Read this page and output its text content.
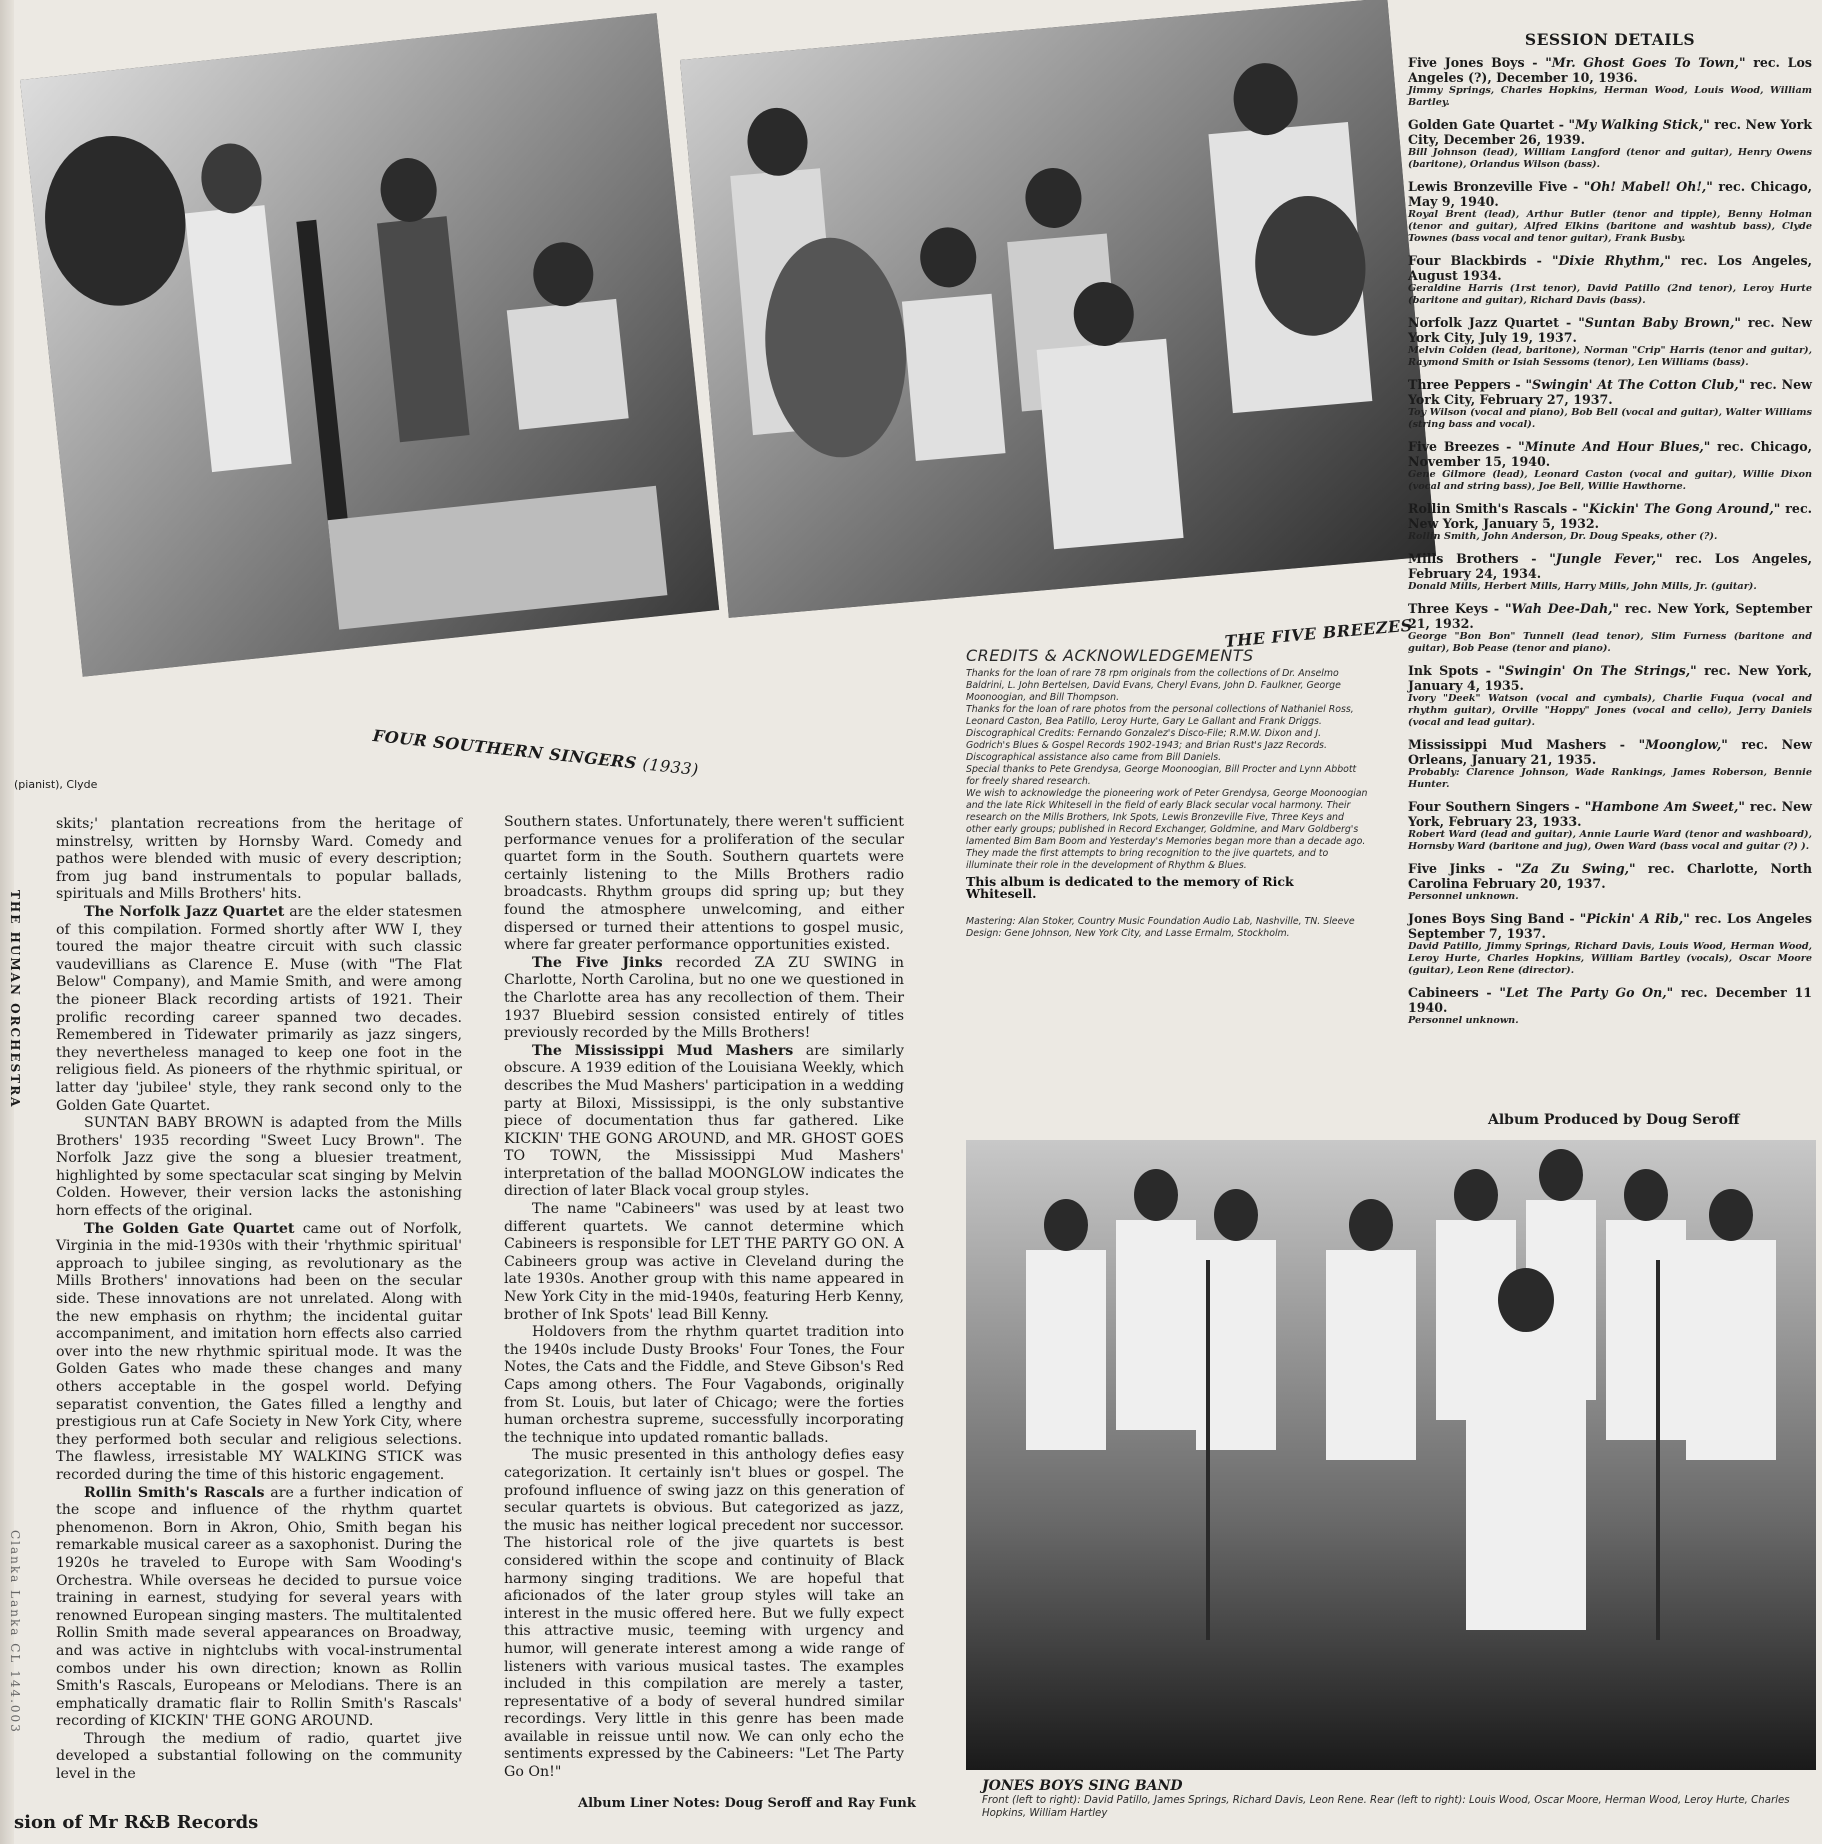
FOUR SOUTHERN SINGERS (1933)
(pianist), Clyde
THE FIVE BREEZES
THE HUMAN ORCHESTRA
Clanka Lanka CL 144.003

skits;' plantation recreations from the heritage of minstrelsy, written by Hornsby Ward. Comedy and pathos were blended with music of every description; from jug band instrumentals to popular ballads, spirituals and Mills Brothers' hits.

The Norfolk Jazz Quartet are the elder statesmen of this compilation. Formed shortly after WW I, they toured the major theatre circuit with such classic vaudevillians as Clarence E. Muse (with "The Flat Below" Company), and Mamie Smith, and were among the pioneer Black recording artists of 1921. Their prolific recording career spanned two decades. Remembered in Tidewater primarily as jazz singers, they nevertheless managed to keep one foot in the religious field. As pioneers of the rhythmic spiritual, or latter day 'jubilee' style, they rank second only to the Golden Gate Quartet.

SUNTAN BABY BROWN is adapted from the Mills Brothers' 1935 recording "Sweet Lucy Brown". The Norfolk Jazz give the song a bluesier treatment, highlighted by some spectacular scat singing by Melvin Colden. However, their version lacks the astonishing horn effects of the original.

The Golden Gate Quartet came out of Norfolk, Virginia in the mid-1930s with their 'rhythmic spiritual' approach to jubilee singing, as revolutionary as the Mills Brothers' innovations had been on the secular side. These innovations are not unrelated. Along with the new emphasis on rhythm; the incidental guitar accompaniment, and imitation horn effects also carried over into the new rhythmic spiritual mode. It was the Golden Gates who made these changes and many others acceptable in the gospel world. Defying separatist convention, the Gates filled a lengthy and prestigious run at Cafe Society in New York City, where they performed both secular and religious selections. The flawless, irresistable MY WALKING STICK was recorded during the time of this historic engagement.

Rollin Smith's Rascals are a further indication of the scope and influence of the rhythm quartet phenomenon. Born in Akron, Ohio, Smith began his remarkable musical career as a saxophonist. During the 1920s he traveled to Europe with Sam Wooding's Orchestra. While overseas he decided to pursue voice training in earnest, studying for several years with renowned European singing masters. The multitalented Rollin Smith made several appearances on Broadway, and was active in nightclubs with vocal-instrumental combos under his own direction; known as Rollin Smith's Rascals, Europeans or Melodians. There is an emphatically dramatic flair to Rollin Smith's Rascals' recording of KICKIN' THE GONG AROUND.

Through the medium of radio, quartet jive developed a substantial following on the community level in the

Southern states. Unfortunately, there weren't sufficient performance venues for a proliferation of the secular quartet form in the South. Southern quartets were certainly listening to the Mills Brothers radio broadcasts. Rhythm groups did spring up; but they found the atmosphere unwelcoming, and either dispersed or turned their attentions to gospel music, where far greater performance opportunities existed.

The Five Jinks recorded ZA ZU SWING in Charlotte, North Carolina, but no one we questioned in the Charlotte area has any recollection of them. Their 1937 Bluebird session consisted entirely of titles previously recorded by the Mills Brothers!

The Mississippi Mud Mashers are similarly obscure. A 1939 edition of the Louisiana Weekly, which describes the Mud Mashers' participation in a wedding party at Biloxi, Mississippi, is the only substantive piece of documentation thus far gathered. Like KICKIN' THE GONG AROUND, and MR. GHOST GOES TO TOWN, the Mississippi Mud Mashers' interpretation of the ballad MOONGLOW indicates the direction of later Black vocal group styles.

The name "Cabineers" was used by at least two different quartets. We cannot determine which Cabineers is responsible for LET THE PARTY GO ON. A Cabineers group was active in Cleveland during the late 1930s. Another group with this name appeared in New York City in the mid-1940s, featuring Herb Kenny, brother of Ink Spots' lead Bill Kenny.

Holdovers from the rhythm quartet tradition into the 1940s include Dusty Brooks' Four Tones, the Four Notes, the Cats and the Fiddle, and Steve Gibson's Red Caps among others. The Four Vagabonds, originally from St. Louis, but later of Chicago; were the forties human orchestra supreme, successfully incorporating the technique into updated romantic ballads.

The music presented in this anthology defies easy categorization. It certainly isn't blues or gospel. The profound influence of swing jazz on this generation of secular quartets is obvious. But categorized as jazz, the music has neither logical precedent nor successor. The historical role of the jive quartets is best considered within the scope and continuity of Black harmony singing traditions. We are hopeful that aficionados of the later group styles will take an interest in the music offered here. But we fully expect this attractive music, teeming with urgency and humor, will generate interest among a wide range of listeners with various musical tastes. The examples included in this compilation are merely a taster, representative of a body of several hundred similar recordings. Very little in this genre has been made available in reissue until now. We can only echo the sentiments expressed by the Cabineers: "Let The Party Go On!"

CREDITS & ACKNOWLEDGEMENTS

Thanks for the loan of rare 78 rpm originals from the collections of Dr. Anselmo Baldrini, L. John Bertelsen, David Evans, Cheryl Evans, John D. Faulkner, George Moonoogian, and Bill Thompson.

Thanks for the loan of rare photos from the personal collections of Nathaniel Ross, Leonard Caston, Bea Patillo, Leroy Hurte, Gary Le Gallant and Frank Driggs.

Discographical Credits: Fernando Gonzalez's Disco-File; R.M.W. Dixon and J. Godrich's Blues & Gospel Records 1902-1943; and Brian Rust's Jazz Records. Discographical assistance also came from Bill Daniels.

Special thanks to Pete Grendysa, George Moonoogian, Bill Procter and Lynn Abbott for freely shared research.

We wish to acknowledge the pioneering work of Peter Grendysa, George Moonoogian and the late Rick Whitesell in the field of early Black secular vocal harmony. Their research on the Mills Brothers, Ink Spots, Lewis Bronzeville Five, Three Keys and other early groups; published in Record Exchanger, Goldmine, and Marv Goldberg's lamented Bim Bam Boom and Yesterday's Memories began more than a decade ago. They made the first attempts to bring recognition to the jive quartets, and to illuminate their role in the development of Rhythm & Blues.

This album is dedicated to the memory of Rick Whitesell.

Mastering: Alan Stoker, Country Music Foundation Audio Lab, Nashville, TN. Sleeve Design: Gene Johnson, New York City, and Lasse Ermalm, Stockholm.

SESSION DETAILS
Five Jones Boys - "Mr. Ghost Goes To Town," rec. Los Angeles (?), December 10, 1936.
Jimmy Springs, Charles Hopkins, Herman Wood, Louis Wood, William Bartley.
Golden Gate Quartet - "My Walking Stick," rec. New York City, December 26, 1939.
Bill Johnson (lead), William Langford (tenor and guitar), Henry Owens (baritone), Orlandus Wilson (bass).
Lewis Bronzeville Five - "Oh! Mabel! Oh!," rec. Chicago, May 9, 1940.
Royal Brent (lead), Arthur Butler (tenor and tipple), Benny Holman (tenor and guitar), Alfred Elkins (baritone and washtub bass), Clyde Townes (bass vocal and tenor guitar), Frank Busby.
Four Blackbirds - "Dixie Rhythm," rec. Los Angeles, August 1934.
Geraldine Harris (1rst tenor), David Patillo (2nd tenor), Leroy Hurte (baritone and guitar), Richard Davis (bass).
Norfolk Jazz Quartet - "Suntan Baby Brown," rec. New York City, July 19, 1937.
Melvin Colden (lead, baritone), Norman "Crip" Harris (tenor and guitar), Raymond Smith or Isiah Sessoms (tenor), Len Williams (bass).
Three Peppers - "Swingin' At The Cotton Club," rec. New York City, February 27, 1937.
Toy Wilson (vocal and piano), Bob Bell (vocal and guitar), Walter Williams (string bass and vocal).
Five Breezes - "Minute And Hour Blues," rec. Chicago, November 15, 1940.
Gene Gilmore (lead), Leonard Caston (vocal and guitar), Willie Dixon (vocal and string bass), Joe Bell, Willie Hawthorne.
Rollin Smith's Rascals - "Kickin' The Gong Around," rec. New York, January 5, 1932.
Rollin Smith, John Anderson, Dr. Doug Speaks, other (?).
Mills Brothers - "Jungle Fever," rec. Los Angeles, February 24, 1934.
Donald Mills, Herbert Mills, Harry Mills, John Mills, Jr. (guitar).
Three Keys - "Wah Dee-Dah," rec. New York, September 21, 1932.
George "Bon Bon" Tunnell (lead tenor), Slim Furness (baritone and guitar), Bob Pease (tenor and piano).
Ink Spots - "Swingin' On The Strings," rec. New York, January 4, 1935.
Ivory "Deek" Watson (vocal and cymbals), Charlie Fuqua (vocal and rhythm guitar), Orville "Hoppy" Jones (vocal and cello), Jerry Daniels (vocal and lead guitar).
Mississippi Mud Mashers - "Moonglow," rec. New Orleans, January 21, 1935.
Probably: Clarence Johnson, Wade Rankings, James Roberson, Bennie Hunter.
Four Southern Singers - "Hambone Am Sweet," rec. New York, February 23, 1933.
Robert Ward (lead and guitar), Annie Laurie Ward (tenor and washboard), Hornsby Ward (baritone and jug), Owen Ward (bass vocal and guitar (?) ).
Five Jinks - "Za Zu Swing," rec. Charlotte, North Carolina February 20, 1937.
Personnel unknown.
Jones Boys Sing Band - "Pickin' A Rib," rec. Los Angeles September 7, 1937.
David Patillo, Jimmy Springs, Richard Davis, Louis Wood, Herman Wood, Leroy Hurte, Charles Hopkins, William Bartley (vocals), Oscar Moore (guitar), Leon Rene (director).
Cabineers - "Let The Party Go On," rec. December 11 1940.
Personnel unknown.
Album Produced by Doug Seroff
JONES BOYS SING BAND
Front (left to right): David Patillo, James Springs, Richard Davis, Leon Rene. Rear (left to right): Louis Wood, Oscar Moore, Herman Wood, Leroy Hurte, Charles Hopkins, William Hartley
Album Liner Notes: Doug Seroff and Ray Funk
sion of Mr R&B Records
